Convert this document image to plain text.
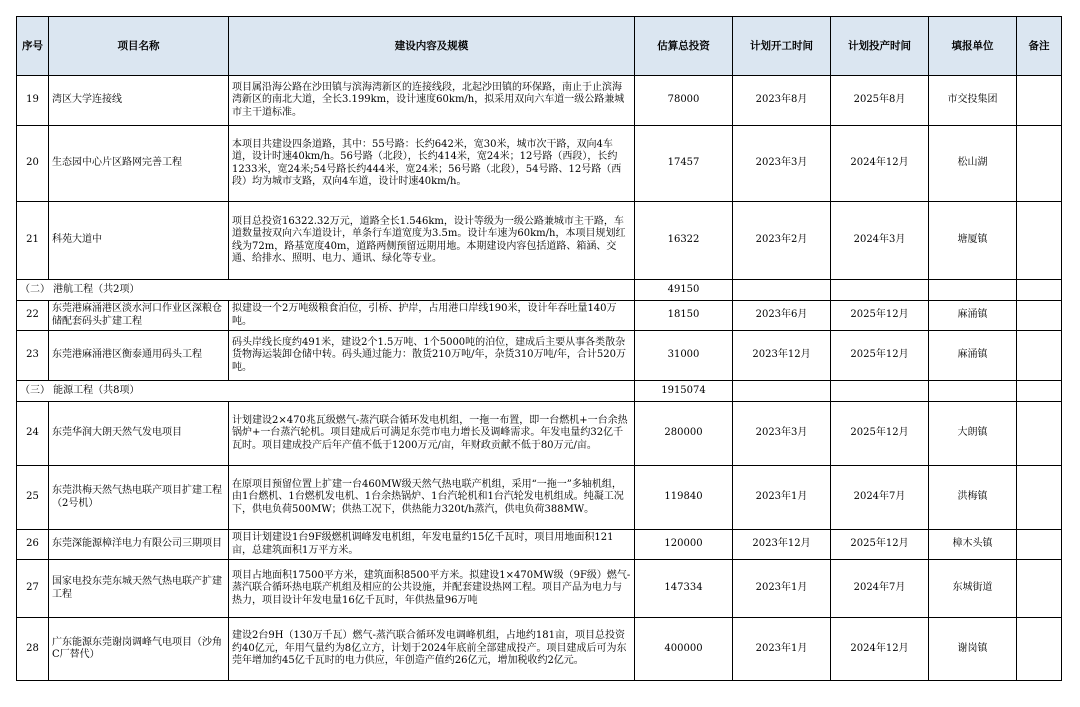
序号	项目名称	建设内容及规模	估算总投资	计划开工时间	计划投产时间	填报单位	备注
19	湾区大学连接线	项目属沿海公路在沙田镇与滨海湾新区的连接线段，北起沙田镇的环保路，南止于止滨海湾新区的南北大道，全长3.199km，设计速度60km/h，拟采用双向六车道一级公路兼城市主干道标准。	78000	2023年8月	2025年8月	市交投集团	
20	生态园中心片区路网完善工程	本项目共建设四条道路，其中：55号路：长约642米，宽30米，城市次干路，双向4车道，设计时速40km/h。56号路（北段），长约414米，宽24米；12号路（西段），长约1233米，宽24米;54号路长约444米，宽24米；56号路（北段），54号路、12号路（西段）均为城市支路，双向4车道，设计时速40km/h。	17457	2023年3月	2024年12月	松山湖	
21	科苑大道中	项目总投资16322.32万元，道路全长1.546km，设计等级为一级公路兼城市主干路，车道数量按双向六车道设计，单条行车道宽度为3.5m。设计车速为60km/h，本项目规划红线为72m，路基宽度40m，道路两侧预留远期用地。本期建设内容包括道路、箱涵、交通、给排水、照明、电力、通讯、绿化等专业。	16322	2023年2月	2024年3月	塘厦镇	
（二） 港航工程（共2项）			49150				
22	东莞港麻涌港区淡水河口作业区深粮仓储配套码头扩建工程	拟建设一个2万吨级粮食泊位，引桥、护岸，占用港口岸线190米，设计年吞吐量140万吨。	18150	2023年6月	2025年12月	麻涌镇	
23	东莞港麻涌港区衡泰通用码头工程	码头岸线长度约491米，建设2个1.5万吨、1个5000吨的泊位，建成后主要从事各类散杂货物海运装卸仓储中转。码头通过能力：散货210万吨/年，杂货310万吨/年，合计520万吨。	31000	2023年12月	2025年12月	麻涌镇	
（三） 能源工程（共8项）			1915074				
24	东莞华润大朗天然气发电项目	计划建设2×470兆瓦级燃气-蒸汽联合循环发电机组，一拖一布置，即一台燃机+一台余热锅炉+一台蒸汽轮机。项目建成后可满足东莞市电力增长及调峰需求。年发电量约32亿千瓦时。项目建成投产后年产值不低于1200万元/亩，年财政贡献不低于80万元/亩。	280000	2023年3月	2025年12月	大朗镇	
25	东莞洪梅天然气热电联产项目扩建工程（2号机）	在原项目预留位置上扩建一台460MW级天然气热电联产机组，采用“一拖一”多轴机组，由1台燃机、1台燃机发电机、1台余热锅炉、1台汽轮机和1台汽轮发电机组成。纯凝工况下，供电负荷500MW；供热工况下，供热能力320t/h蒸汽，供电负荷388MW。	119840	2023年1月	2024年7月	洪梅镇	
26	东莞深能源樟洋电力有限公司三期项目	项目计划建设1台9F级燃机调峰发电机组，年发电量约15亿千瓦时，项目用地面积121亩，总建筑面积1万平方米。	120000	2023年12月	2025年12月	樟木头镇	
27	国家电投东莞东城天然气热电联产扩建工程	项目占地面积17500平方米，建筑面积8500平方米。拟建设1×470MW级（9F级）燃气-蒸汽联合循环热电联产机组及相应的公共设施，并配套建设热网工程。项目产品为电力与热力，项目设计年发电量16亿千瓦时，年供热量96万吨	147334	2023年1月	2024年7月	东城街道	
28	广东能源东莞谢岗调峰气电项目（沙角C厂替代）	建设2台9H（130万千瓦）燃气-蒸汽联合循环发电调峰机组，占地约181亩，项目总投资约40亿元，年用气量约为8亿立方，计划于2024年底前全部建成投产。项目建成后可为东莞年增加约45亿千瓦时的电力供应，年创造产值约26亿元，增加税收约2亿元。	400000	2023年1月	2024年12月	谢岗镇	
